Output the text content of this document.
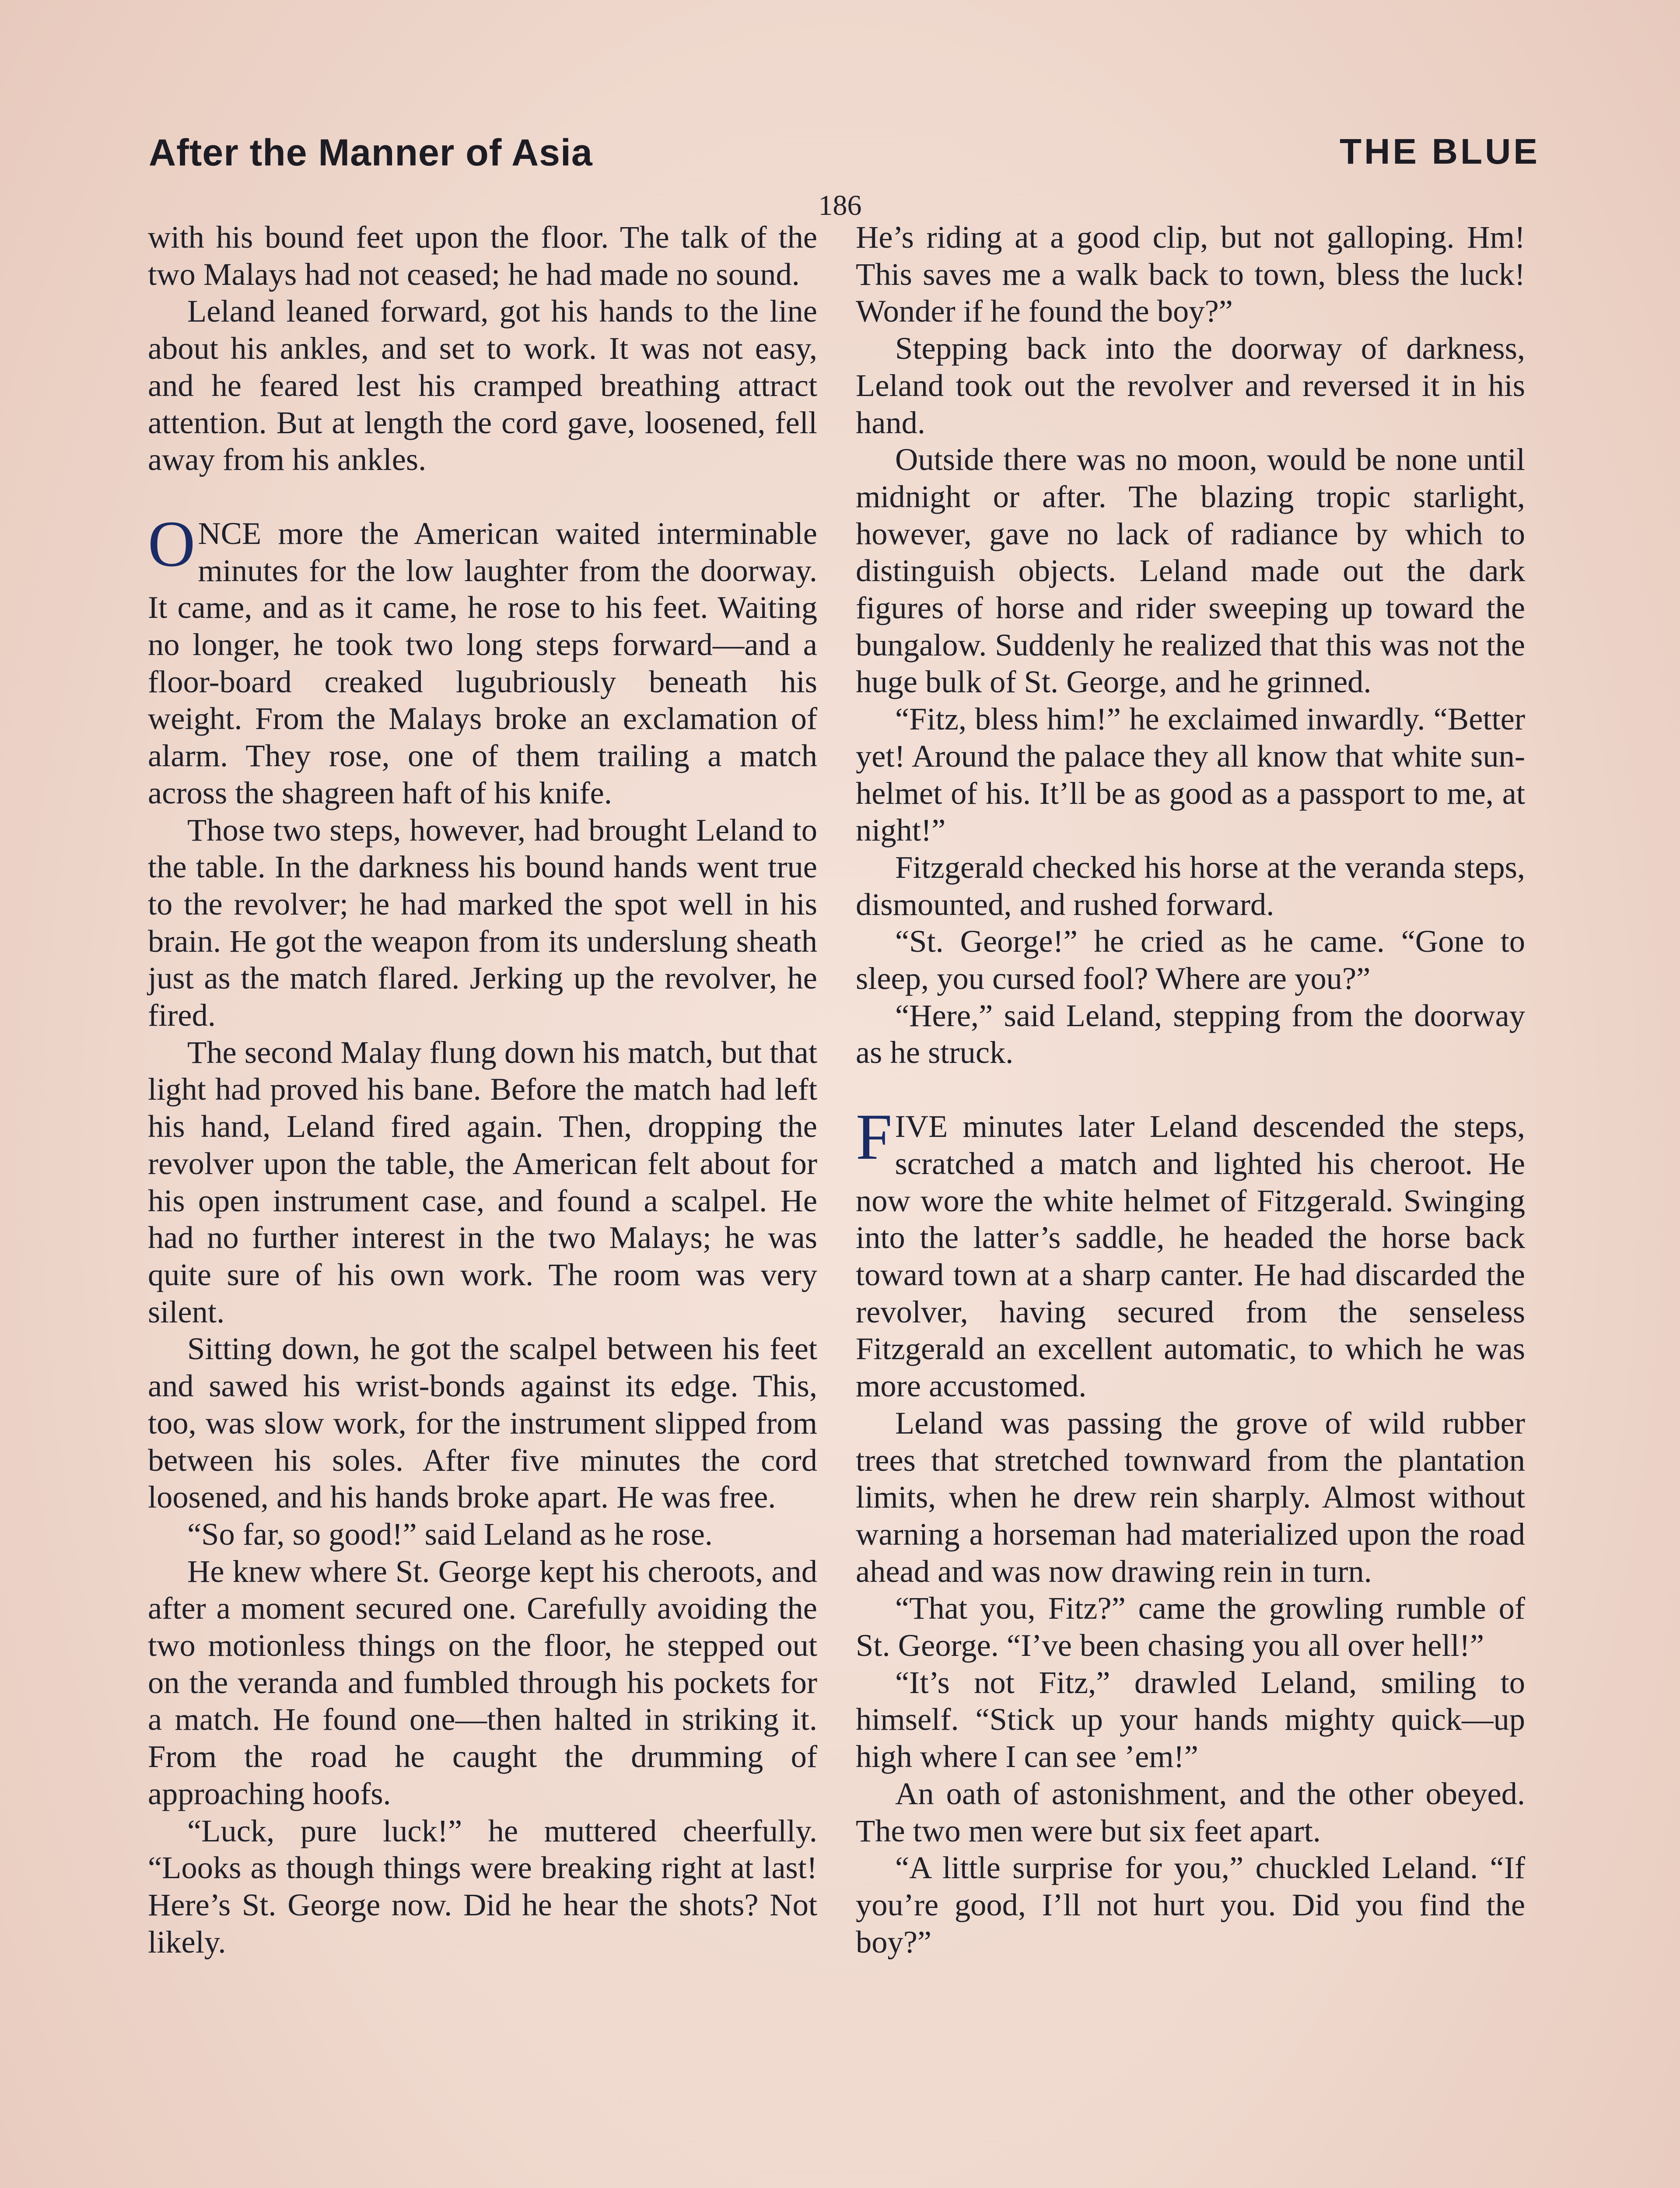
After the Manner of Asia	THE BLUE
186

with his bound feet upon the floor. The talk of the two Malays had not ceased; he had made no sound.

Leland leaned forward, got his hands to the line about his ankles, and set to work. It was not easy, and he feared lest his cramped breathing attract attention. But at length the cord gave, loosened, fell away from his ankles.

ONCE more the American waited interminable minutes for the low laughter from the doorway. It came, and as it came, he rose to his feet. Waiting no longer, he took two long steps forward—and a floor-board creaked lugubriously beneath his weight. From the Malays broke an exclamation of alarm. They rose, one of them trailing a match across the shagreen haft of his knife.

Those two steps, however, had brought Leland to the table. In the darkness his bound hands went true to the revolver; he had marked the spot well in his brain. He got the weapon from its underslung sheath just as the match flared. Jerking up the revolver, he fired.

The second Malay flung down his match, but that light had proved his bane. Before the match had left his hand, Leland fired again. Then, dropping the revolver upon the table, the American felt about for his open instrument case, and found a scalpel. He had no further interest in the two Malays; he was quite sure of his own work. The room was very silent.

Sitting down, he got the scalpel between his feet and sawed his wrist-bonds against its edge. This, too, was slow work, for the instrument slipped from between his soles. After five minutes the cord loosened, and his hands broke apart. He was free.

“So far, so good!” said Leland as he rose.

He knew where St. George kept his cheroots, and after a moment secured one. Carefully avoiding the two motionless things on the floor, he stepped out on the veranda and fumbled through his pockets for a match. He found one—then halted in striking it. From the road he caught the drumming of approaching hoofs.

“Luck, pure luck!” he muttered cheerfully. “Looks as though things were breaking right at last! Here’s St. George now. Did he hear the shots? Not likely.

He’s riding at a good clip, but not galloping. Hm! This saves me a walk back to town, bless the luck! Wonder if he found the boy?”

Stepping back into the doorway of darkness, Leland took out the revolver and reversed it in his hand.

Outside there was no moon, would be none until midnight or after. The blazing tropic starlight, however, gave no lack of radiance by which to distinguish objects. Leland made out the dark figures of horse and rider sweeping up toward the bungalow. Suddenly he realized that this was not the huge bulk of St. George, and he grinned.

“Fitz, bless him!” he exclaimed inwardly. “Better yet! Around the palace they all know that white sun-helmet of his. It’ll be as good as a passport to me, at night!”

Fitzgerald checked his horse at the veranda steps, dismounted, and rushed forward.

“St. George!” he cried as he came. “Gone to sleep, you cursed fool? Where are you?”

“Here,” said Leland, stepping from the doorway as he struck.

FIVE minutes later Leland descended the steps, scratched a match and lighted his cheroot. He now wore the white helmet of Fitzgerald. Swinging into the latter’s saddle, he headed the horse back toward town at a sharp canter. He had discarded the revolver, having secured from the senseless Fitzgerald an excellent automatic, to which he was more accustomed.

Leland was passing the grove of wild rubber trees that stretched townward from the plantation limits, when he drew rein sharply. Almost without warning a horseman had materialized upon the road ahead and was now drawing rein in turn.

“That you, Fitz?” came the growling rumble of St. George. “I’ve been chasing you all over hell!”

“It’s not Fitz,” drawled Leland, smiling to himself. “Stick up your hands mighty quick—up high where I can see ’em!”

An oath of astonishment, and the other obeyed. The two men were but six feet apart.

“A little surprise for you,” chuckled Leland. “If you’re good, I’ll not hurt you. Did you find the boy?”
